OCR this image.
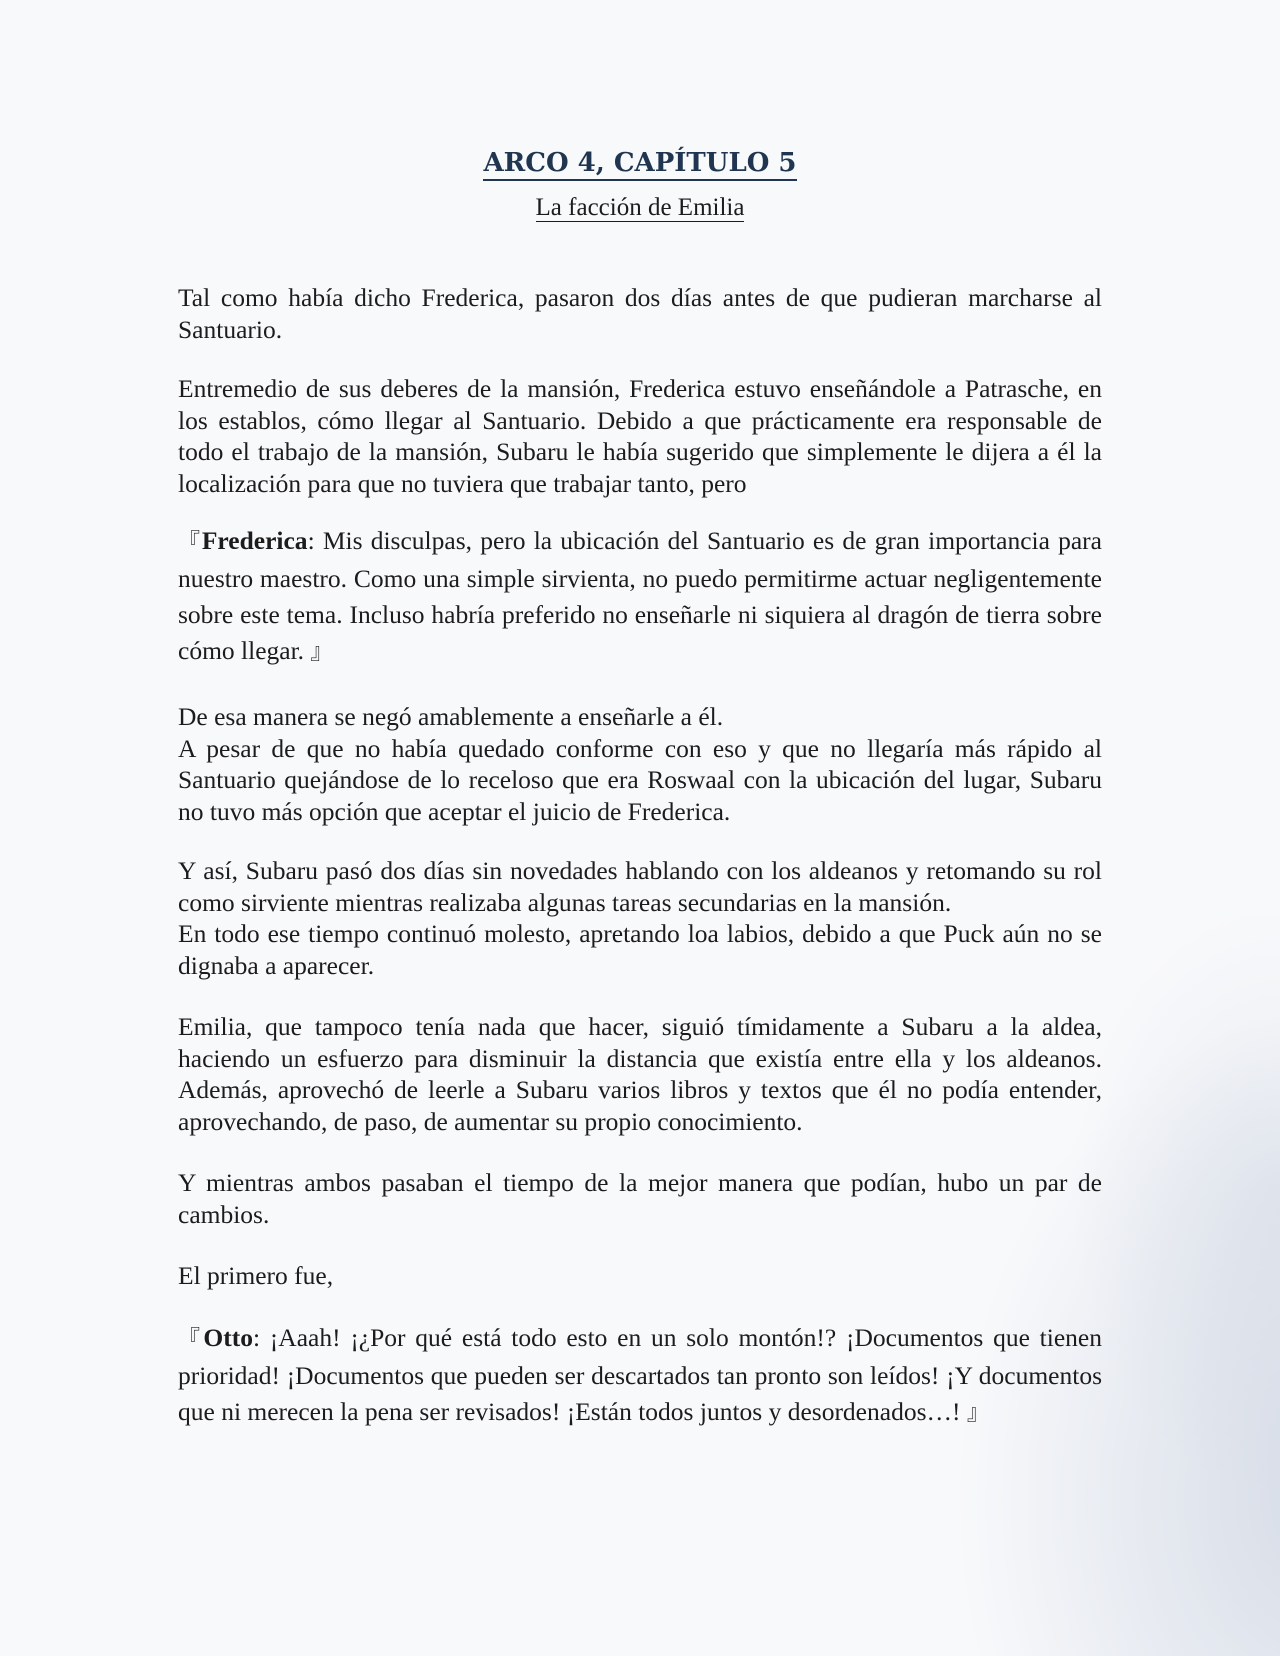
ARCO 4, CAPÍTULO 5

La facción de Emilia

Tal como había dicho Frederica, pasaron dos días antes de que pudieran marcharse al Santuario.

Entremedio de sus deberes de la mansión, Frederica estuvo enseñándole a Patrasche, en los establos, cómo llegar al Santuario. Debido a que prácticamente era responsable de todo el trabajo de la mansión, Subaru le había sugerido que simplemente le dijera a él la localización para que no tuviera que trabajar tanto, pero

『Frederica: Mis disculpas, pero la ubicación del Santuario es de gran importancia para nuestro maestro. Como una simple sirvienta, no puedo permitirme actuar negligentemente sobre este tema. Incluso habría preferido no enseñarle ni siquiera al dragón de tierra sobre cómo llegar. 』

De esa manera se negó amablemente a enseñarle a él.

A pesar de que no había quedado conforme con eso y que no llegaría más rápido al Santuario quejándose de lo receloso que era Roswaal con la ubicación del lugar, Subaru no tuvo más opción que aceptar el juicio de Frederica.

Y así, Subaru pasó dos días sin novedades hablando con los aldeanos y retomando su rol como sirviente mientras realizaba algunas tareas secundarias en la mansión.

En todo ese tiempo continuó molesto, apretando loa labios, debido a que Puck aún no se dignaba a aparecer.

Emilia, que tampoco tenía nada que hacer, siguió tímidamente a Subaru a la aldea, haciendo un esfuerzo para disminuir la distancia que existía entre ella y los aldeanos. Además, aprovechó de leerle a Subaru varios libros y textos que él no podía entender, aprovechando, de paso, de aumentar su propio conocimiento.

Y mientras ambos pasaban el tiempo de la mejor manera que podían, hubo un par de cambios.

El primero fue,

『Otto: ¡Aaah! ¡¿Por qué está todo esto en un solo montón!? ¡Documentos que tienen prioridad! ¡Documentos que pueden ser descartados tan pronto son leídos! ¡Y documentos que ni merecen la pena ser revisados! ¡Están todos juntos y desordenados…! 』
